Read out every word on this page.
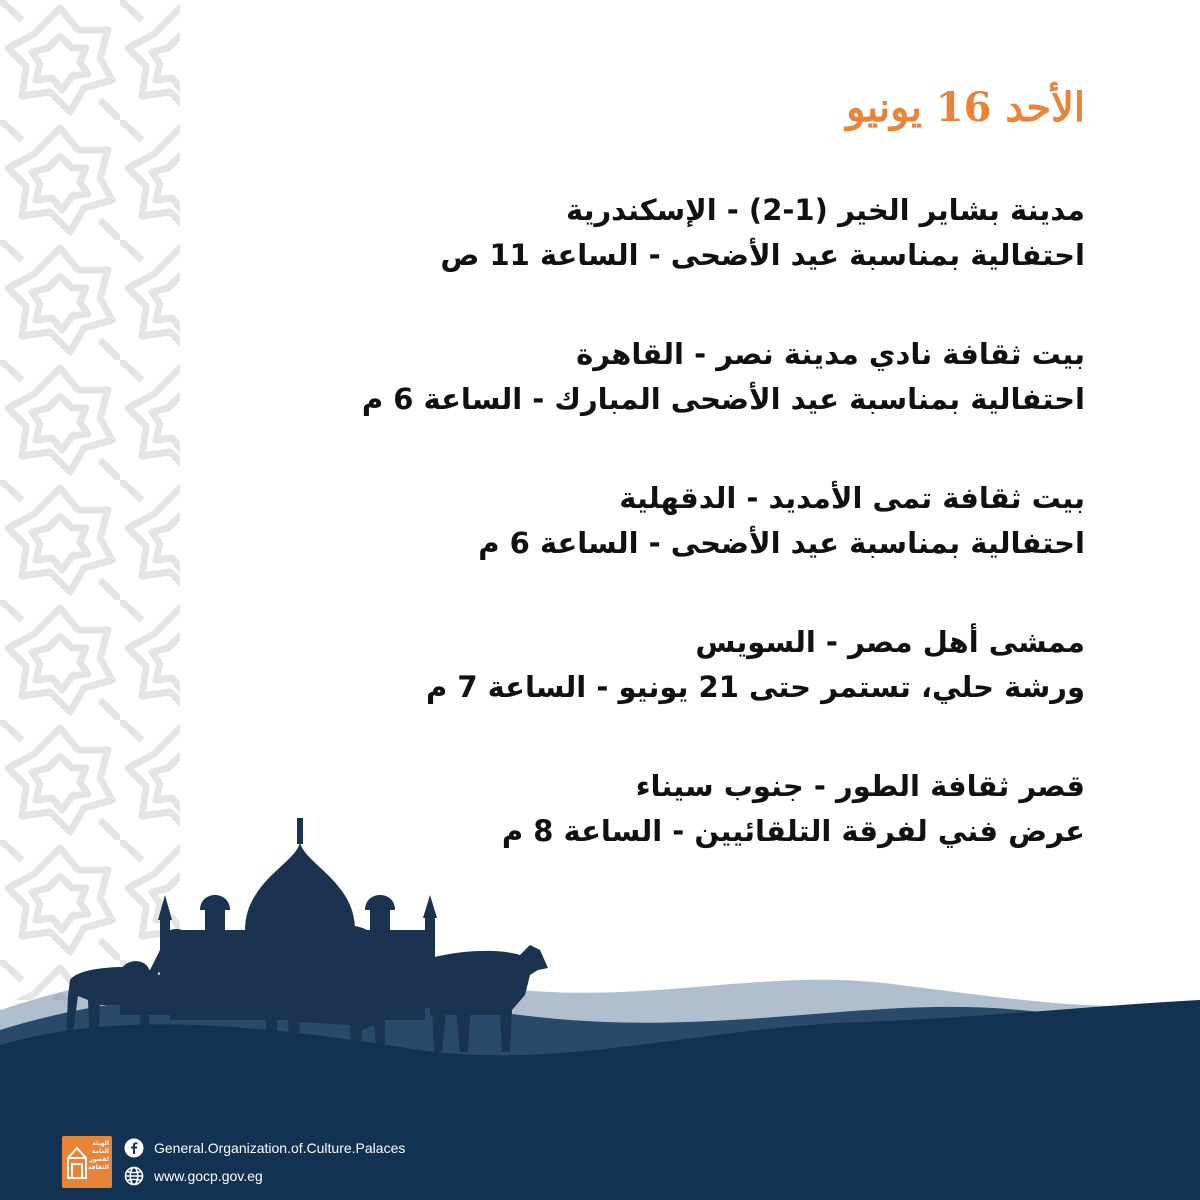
الأحد 16 يونيو
مدينة بشاير الخير (1-2) - الإسكندرية
احتفالية بمناسبة عيد الأضحى - الساعة 11 ص
بيت ثقافة نادي مدينة نصر - القاهرة
احتفالية بمناسبة عيد الأضحى المبارك - الساعة 6 م
بيت ثقافة تمى الأمديد - الدقهلية
احتفالية بمناسبة عيد الأضحى - الساعة 6 م
ممشى أهل مصر - السويس
ورشة حلي، تستمر حتى 21 يونيو - الساعة 7 م
قصر ثقافة الطور - جنوب سيناء
عرض فني لفرقة التلقائيين - الساعة 8 م
الهيئة العامة لقصور الثقافة
General.Organization.of.Culture.Palaces
www.gocp.gov.eg
